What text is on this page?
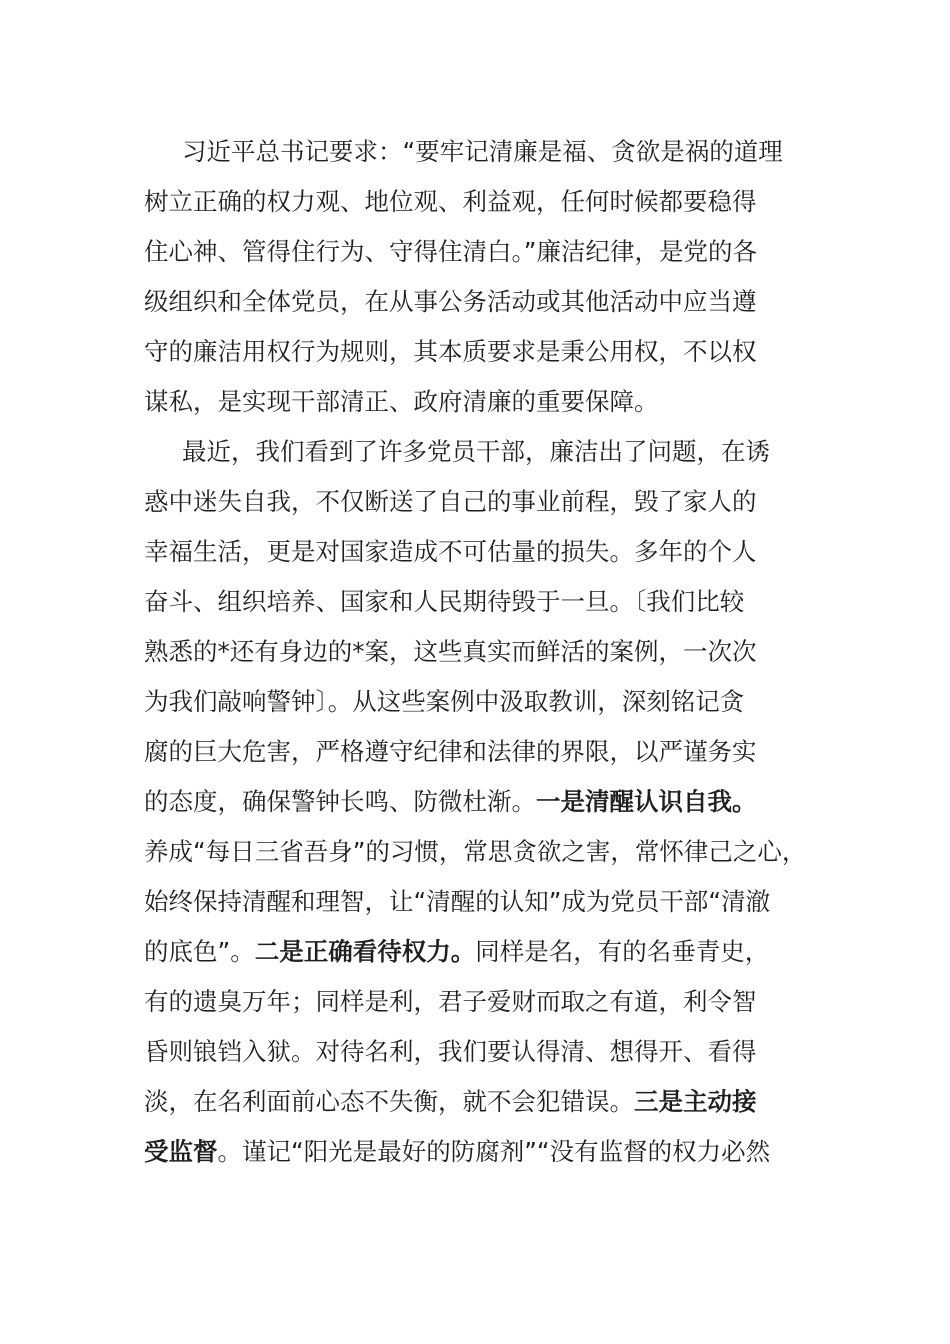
习近平总书记要求：“要牢记清廉是福、贪欲是祸的道理
树立正确的权力观、地位观、利益观，任何时候都要稳得
住心神、管得住行为、守得住清白。”廉洁纪律，是党的各
级组织和全体党员，在从事公务活动或其他活动中应当遵
守的廉洁用权行为规则，其本质要求是秉公用权，不以权
谋私，是实现干部清正、政府清廉的重要保障。
最近，我们看到了许多党员干部，廉洁出了问题，在诱
惑中迷失自我，不仅断送了自己的事业前程，毁了家人的
幸福生活，更是对国家造成不可估量的损失。多年的个人
奋斗、组织培养、国家和人民期待毁于一旦。〔我们比较
熟悉的*还有身边的*案，这些真实而鲜活的案例，一次次
为我们敲响警钟〕。从这些案例中汲取教训，深刻铭记贪
腐的巨大危害，严格遵守纪律和法律的界限，以严谨务实
的态度，确保警钟长鸣、防微杜渐。一是清醒认识自我。
养成“每日三省吾身”的习惯，常思贪欲之害，常怀律己之心，
始终保持清醒和理智，让“清醒的认知”成为党员干部“清澈
的底色”。二是正确看待权力。同样是名，有的名垂青史，
有的遗臭万年；同样是利，君子爱财而取之有道，利令智
昏则锒铛入狱。对待名利，我们要认得清、想得开、看得
淡，在名利面前心态不失衡，就不会犯错误。三是主动接
受监督。谨记“阳光是最好的防腐剂”“没有监督的权力必然
